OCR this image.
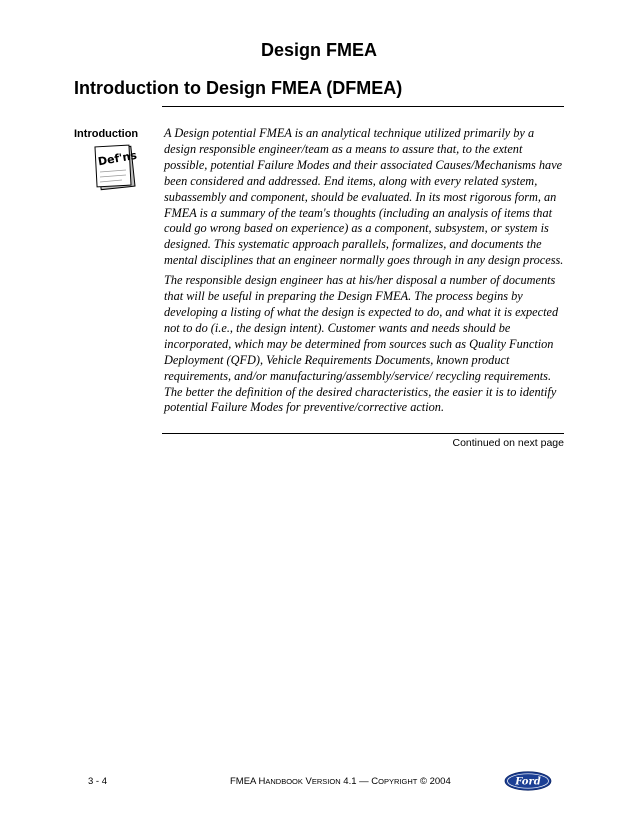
Design FMEA
Introduction to Design FMEA (DFMEA)
Introduction
Def'ns

A Design potential FMEA is an analytical technique utilized primarily by a design responsible engineer/team as a means to assure that, to the extent possible, potential Failure Modes and their associated Causes/Mechanisms have been considered and addressed. End items, along with every related system, subassembly and component, should be evaluated. In its most rigorous form, an FMEA is a summary of the team's thoughts (including an analysis of items that could go wrong based on experience) as a component, subsystem, or system is designed. This systematic approach parallels, formalizes, and documents the mental disciplines that an engineer normally goes through in any design process.

The responsible design engineer has at his/her disposal a number of documents that will be useful in preparing the Design FMEA. The process begins by developing a listing of what the design is expected to do, and what it is expected not to do (i.e., the design intent). Customer wants and needs should be incorporated, which may be determined from sources such as Quality Function Deployment (QFD), Vehicle Requirements Documents, known product requirements, and/or manufacturing/assembly/service/ recycling requirements. The better the definition of the desired characteristics, the easier it is to identify potential Failure Modes for preventive/corrective action.

Continued on next page
3 - 4	FMEA HANDBOOK VERSION 4.1 — COPYRIGHT © 2004	Ford
